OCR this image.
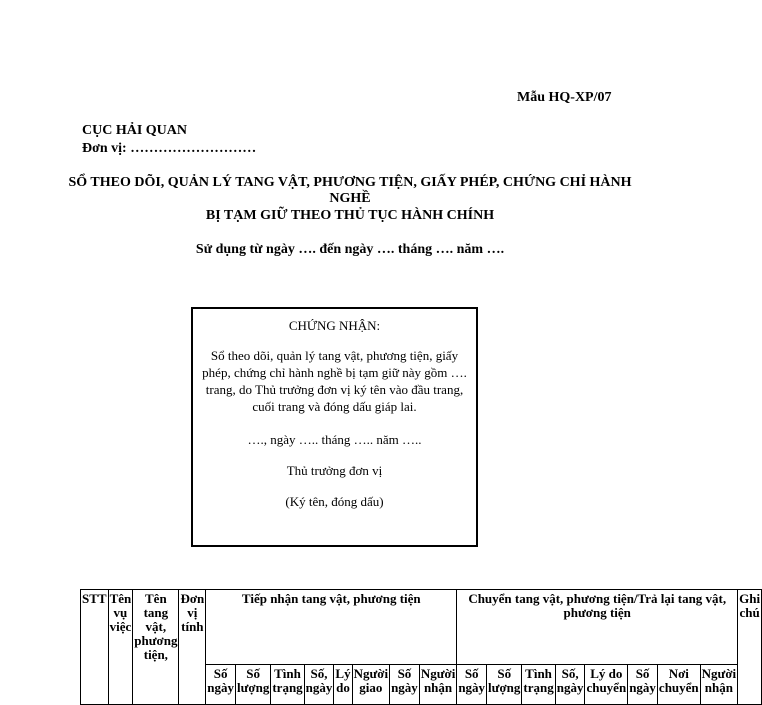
Mẫu HQ-XP/07
CỤC HẢI QUAN
Đơn vị: ………………………
SỔ THEO DÕI, QUẢN LÝ TANG VẬT, PHƯƠNG TIỆN, GIẤY PHÉP, CHỨNG CHỈ HÀNH NGHỀ
BỊ TẠM GIỮ THEO THỦ TỤC HÀNH CHÍNH
Sử dụng từ ngày …. đến ngày …. tháng …. năm ….

CHỨNG NHẬN:

Sổ theo dõi, quản lý tang vật, phương tiện, giấy phép, chứng chỉ hành nghề bị tạm giữ này gồm …. trang, do Thủ trưởng đơn vị ký tên vào đầu trang, cuối trang và đóng dấu giáp lai.

…., ngày ….. tháng ….. năm …..

Thủ trưởng đơn vị

(Ký tên, đóng dấu)

STT	Tên vụ việc	Tên tang vật, phương tiện,	Đơn vị tính	Tiếp nhận tang vật, phương tiện								Chuyển tang vật, phương tiện/Trả lại tang vật, phương tiện								Ghi chú
				Số ngày	Số lượng	Tình trạng	Số, ngày	Lý do	Người giao	Số ngày	Người nhận	Số ngày	Số lượng	Tình trạng	Số, ngày	Lý do chuyển	Số ngày	Nơi chuyển	Người nhận	
